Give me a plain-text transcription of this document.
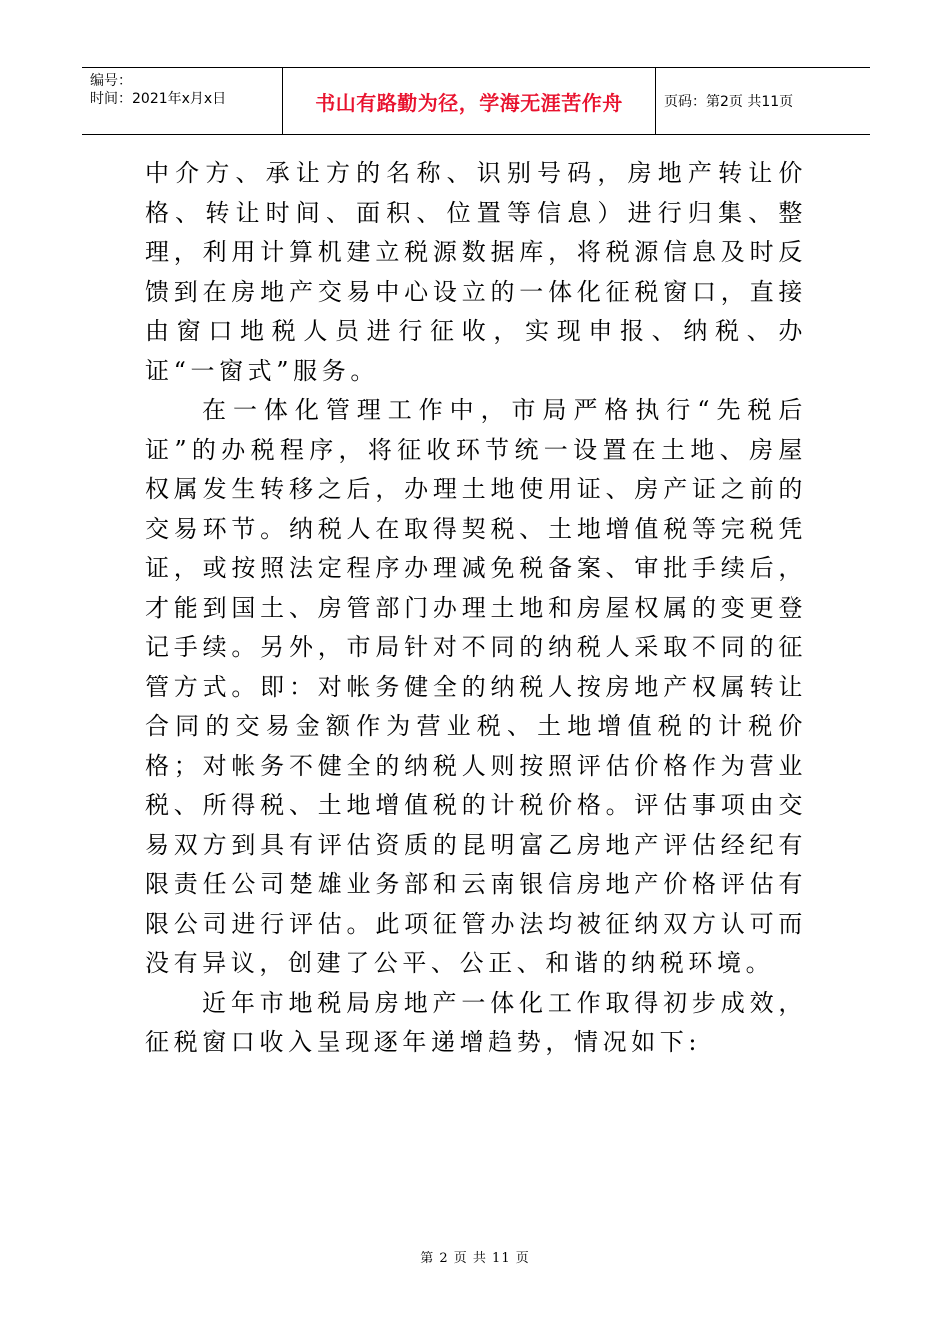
编号：
时间：2021年x月x日	书山有路勤为径，学海无涯苦作舟	页码：第2页 共11页

中介方、承让方的名称、识别号码，房地产转让价格、转让时间、面积、位置等信息）进行归集、整理，利用计算机建立税源数据库，将税源信息及时反馈到在房地产交易中心设立的一体化征税窗口，直接由窗口地税人员进行征收，实现申报、纳税、办证“一窗式”服务。

在一体化管理工作中，市局严格执行“先税后证”的办税程序，将征收环节统一设置在土地、房屋权属发生转移之后，办理土地使用证、房产证之前的交易环节。纳税人在取得契税、土地增值税等完税凭证，或按照法定程序办理减免税备案、审批手续后，才能到国土、房管部门办理土地和房屋权属的变更登记手续。另外，市局针对不同的纳税人采取不同的征管方式。即：对帐务健全的纳税人按房地产权属转让合同的交易金额作为营业税、土地增值税的计税价格；对帐务不健全的纳税人则按照评估价格作为营业税、所得税、土地增值税的计税价格。评估事项由交易双方到具有评估资质的昆明富乙房地产评估经纪有限责任公司楚雄业务部和云南银信房地产价格评估有限公司进行评估。此项征管办法均被征纳双方认可而没有异议，创建了公平、公正、和谐的纳税环境。

近年市地税局房地产一体化工作取得初步成效，征税窗口收入呈现逐年递增趋势，情况如下:

第 2 页 共 11 页
